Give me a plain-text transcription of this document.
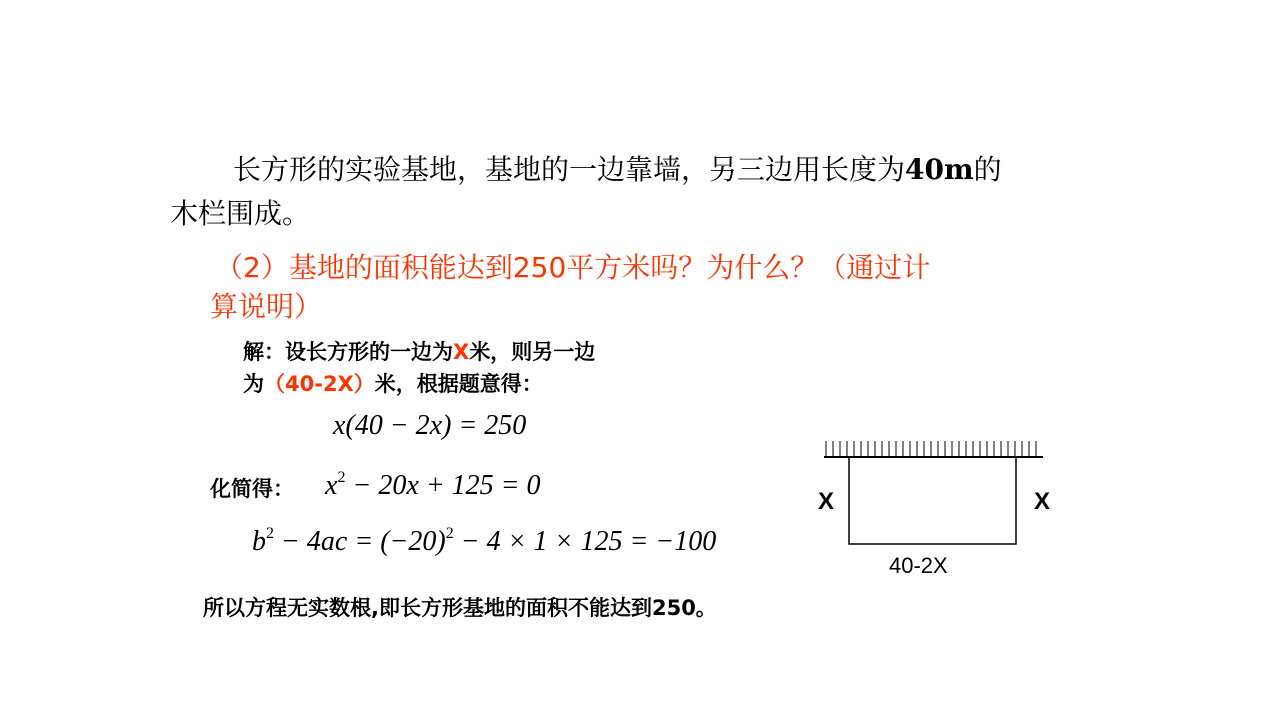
长方形的实验基地，基地的一边靠墙，另三边用长度为40m的
木栏围成。
（2）基地的面积能达到250平方米吗？为什么？（通过计
算说明）
解：设长方形的一边为X米，则另一边
为（40-2X）米，根据题意得：
x(40 − 2x) = 250
化简得： $x^2 - 20x + 125 = 0$
$b^2 - 4ac = (-20)^2 - 4 \times 1 \times 125 = -100$
所以方程无实数根,即长方形基地的面积不能达到250。
X	X
40-2X
